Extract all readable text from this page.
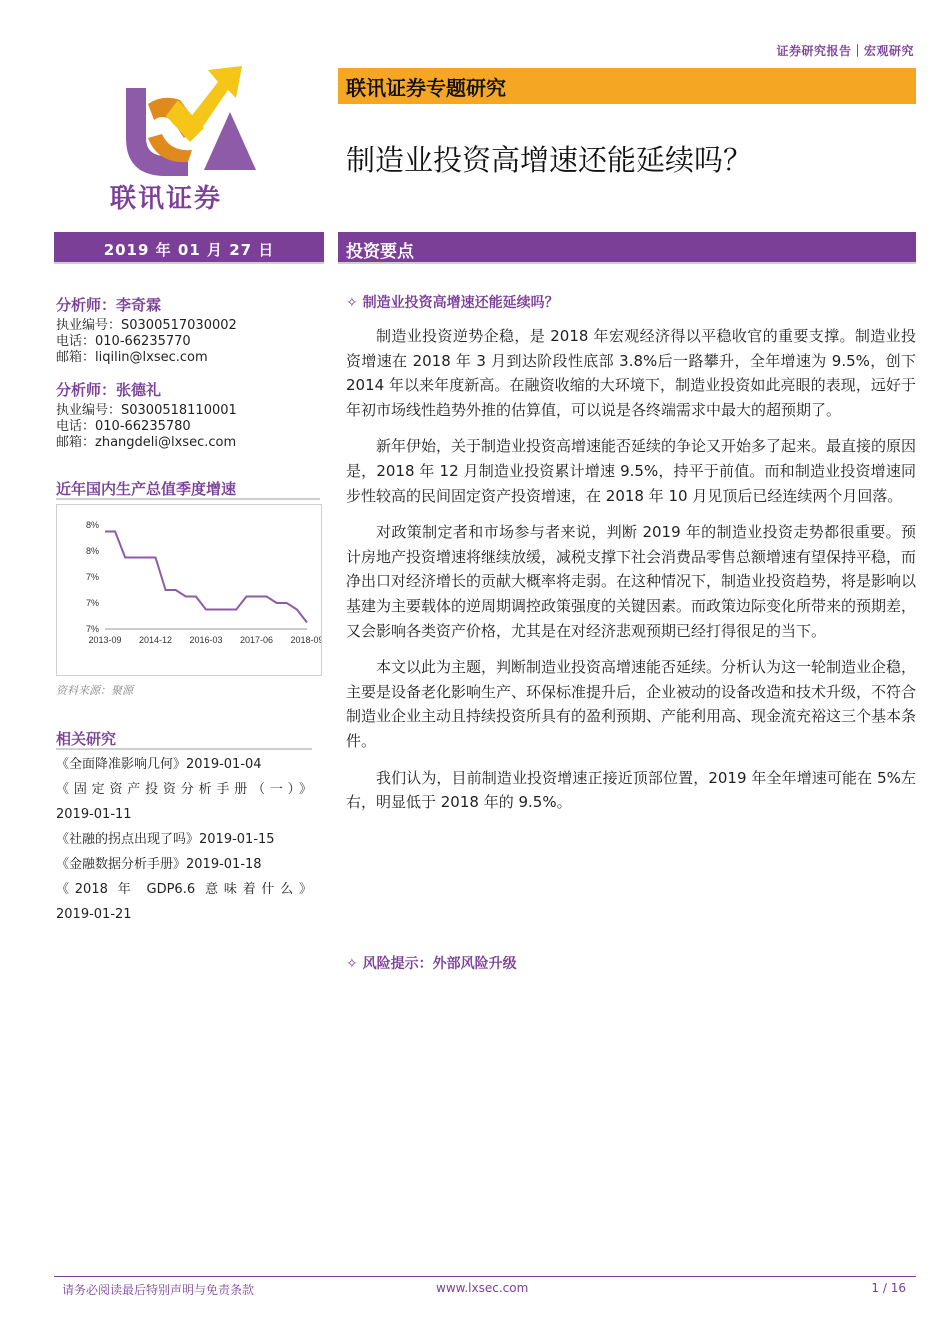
证券研究报告｜宏观研究
联讯证券
联讯证券专题研究
制造业投资高增速还能延续吗？
2019 年 01 月 27 日	投资要点
分析师：李奇霖
执业编号：S0300517030002
电话：010-66235770
邮箱：liqilin@lxsec.com
分析师：张德礼
执业编号：S0300518110001
电话：010-66235780
邮箱：zhangdeli@lxsec.com
近年国内生产总值季度增速
8%
8%
7%
7%
7%
2013-09 2014-12 2016-03 2017-06 2018-09
资料来源：聚源
相关研究
《全面降准影响几何》2019-01-04
《固定资产投资分析手册（一）》
2019-01-11
《社融的拐点出现了吗》2019-01-15
《金融数据分析手册》2019-01-18
《2018 年 GDP6.6 意味着什么》
2019-01-21
✧ 制造业投资高增速还能延续吗？

制造业投资逆势企稳，是 2018 年宏观经济得以平稳收官的重要支撑。制造业投资增速在 2018 年 3 月到达阶段性底部 3.8%后一路攀升，全年增速为 9.5%，创下 2014 年以来年度新高。在融资收缩的大环境下，制造业投资如此亮眼的表现，远好于年初市场线性趋势外推的估算值，可以说是各终端需求中最大的超预期了。

新年伊始，关于制造业投资高增速能否延续的争论又开始多了起来。最直接的原因是，2018 年 12 月制造业投资累计增速 9.5%，持平于前值。而和制造业投资增速同步性较高的民间固定资产投资增速，在 2018 年 10 月见顶后已经连续两个月回落。

对政策制定者和市场参与者来说，判断 2019 年的制造业投资走势都很重要。预计房地产投资增速将继续放缓，减税支撑下社会消费品零售总额增速有望保持平稳，而净出口对经济增长的贡献大概率将走弱。在这种情况下，制造业投资趋势，将是影响以基建为主要载体的逆周期调控政策强度的关键因素。而政策边际变化所带来的预期差，又会影响各类资产价格，尤其是在对经济悲观预期已经打得很足的当下。

本文以此为主题，判断制造业投资高增速能否延续。分析认为这一轮制造业企稳，主要是设备老化影响生产、环保标准提升后，企业被动的设备改造和技术升级，不符合制造业企业主动且持续投资所具有的盈利预期、产能利用高、现金流充裕这三个基本条件。

我们认为，目前制造业投资增速正接近顶部位置，2019 年全年增速可能在 5%左右，明显低于 2018 年的 9.5%。

✧ 风险提示：外部风险升级
请务必阅读最后特别声明与免责条款	www.lxsec.com	1 / 16
